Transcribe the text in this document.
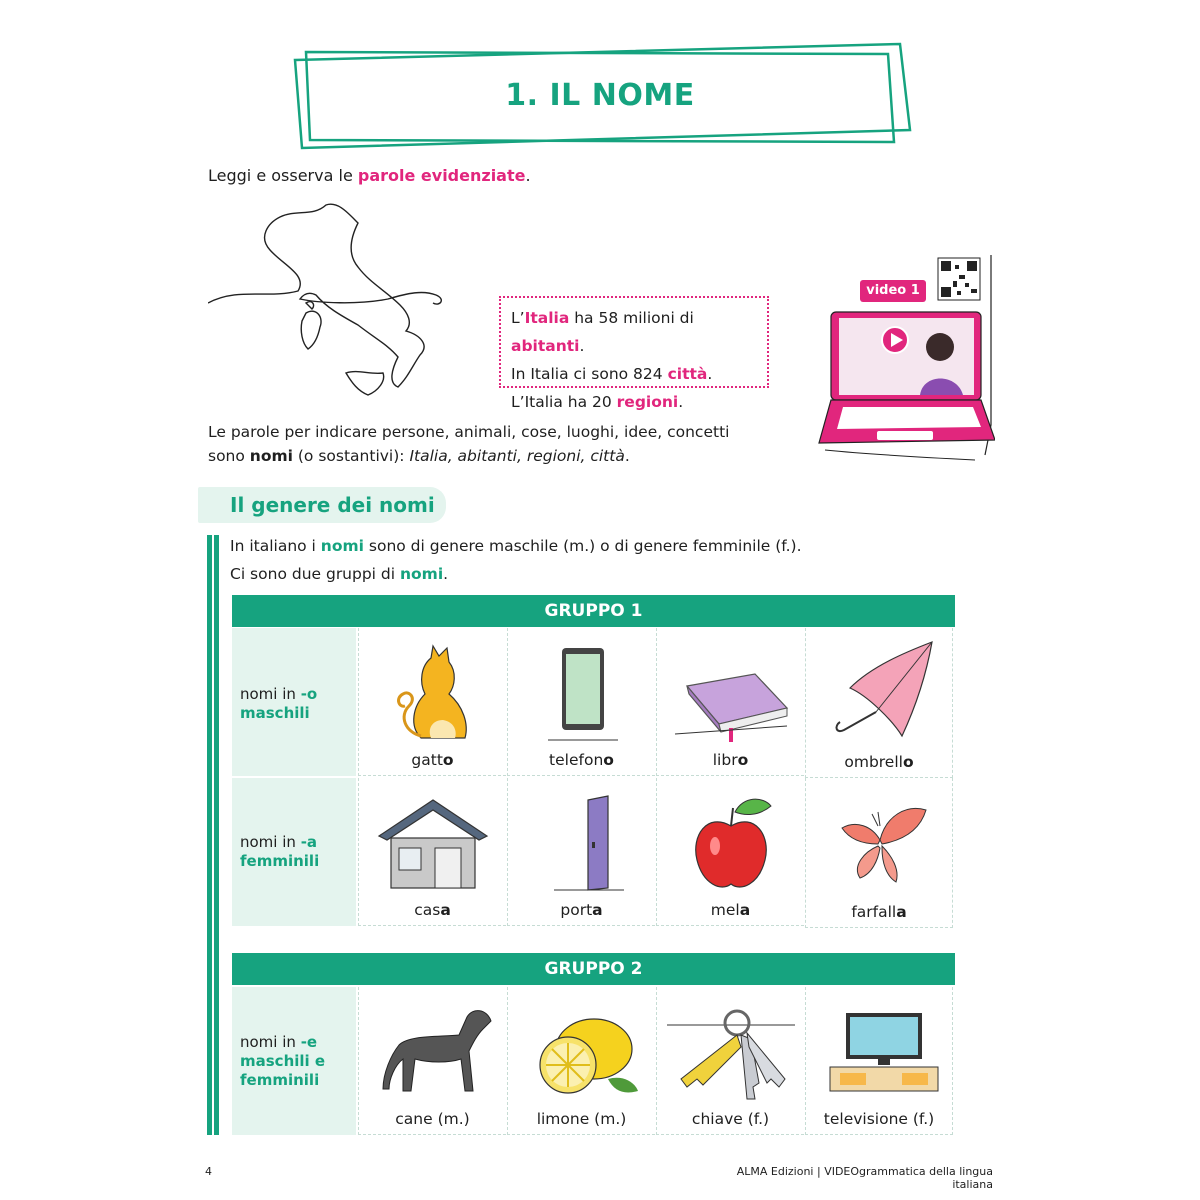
1. IL NOME
Leggi e osserva le parole evidenziate.
L’Italia ha 58 milioni di abitanti.
In Italia ci sono 824 città.
L’Italia ha 20 regioni.
video 1
Le parole per indicare persone, animali, cose, luoghi, idee, concetti
sono nomi (o sostantivi): Italia, abitanti, regioni, città.
Il genere dei nomi
In italiano i nomi sono di genere maschile (m.) o di genere femminile (f.).
Ci sono due gruppi di nomi.
GRUPPO 1
nomi in -o
maschili
gatto	telefono	libro	ombrello
nomi in -a
femminili
casa	porta	mela	farfalla
GRUPPO 2
nomi in -e
maschili e femminili
cane (m.)	limone (m.)	chiave (f.)	televisione (f.)
4	ALMA Edizioni | VIDEOgrammatica della lingua italiana
